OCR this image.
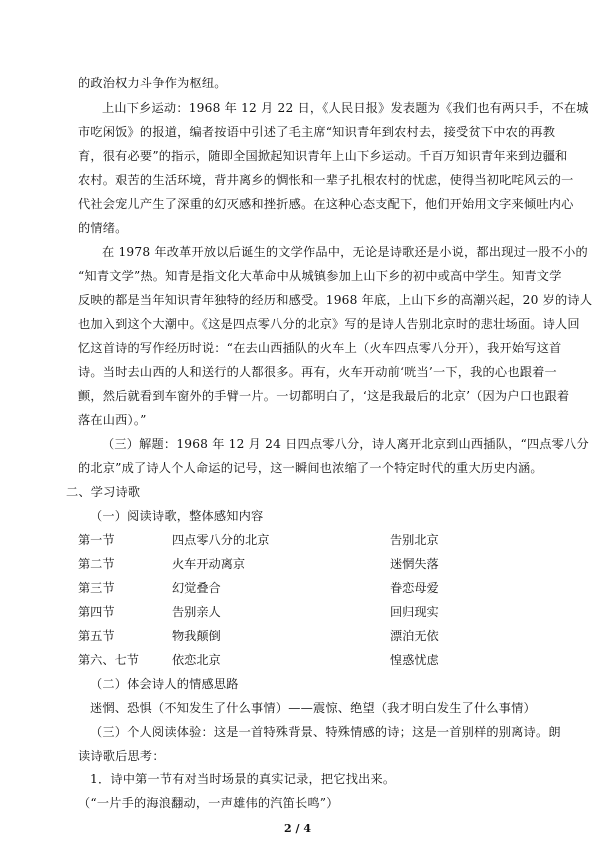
的政治权力斗争作为枢纽。
上山下乡运动：1968 年 12 月 22 日，《人民日报》发表题为《我们也有两只手，不在城
市吃闲饭》的报道，编者按语中引述了毛主席“知识青年到农村去，接受贫下中农的再教
育，很有必要”的指示，随即全国掀起知识青年上山下乡运动。千百万知识青年来到边疆和
农村。艰苦的生活环境，背井离乡的惆怅和一辈子扎根农村的忧虑，使得当初叱咤风云的一
代社会宠儿产生了深重的幻灭感和挫折感。在这种心态支配下，他们开始用文字来倾吐内心
的情绪。
在 1978 年改革开放以后诞生的文学作品中，无论是诗歌还是小说，都出现过一股不小的
“知青文学”热。知青是指文化大革命中从城镇参加上山下乡的初中或高中学生。知青文学
反映的都是当年知识青年独特的经历和感受。1968 年底，上山下乡的高潮兴起，20 岁的诗人
也加入到这个大潮中。《这是四点零八分的北京》写的是诗人告别北京时的悲壮场面。诗人回
忆这首诗的写作经历时说：“在去山西插队的火车上（火车四点零八分开），我开始写这首
诗。当时去山西的人和送行的人都很多。再有，火车开动前‘咣当’一下，我的心也跟着一
颤，然后就看到车窗外的手臂一片。一切都明白了，‘这是我最后的北京’（因为户口也跟着
落在山西）。”
（三）解题：1968 年 12 月 24 日四点零八分，诗人离开北京到山西插队，“四点零八分
的北京”成了诗人个人命运的记号，这一瞬间也浓缩了一个特定时代的重大历史内涵。
二、学习诗歌
（一）阅读诗歌，整体感知内容
第一节	四点零八分的北京	告别北京
第二节	火车开动离京	迷惘失落
第三节	幻觉叠合	眷恋母爱
第四节	告别亲人	回归现实
第五节	物我颠倒	漂泊无依
第六、七节	依恋北京	惶惑忧虑
（二）体会诗人的情感思路
迷惘、恐惧（不知发生了什么事情）——震惊、绝望（我才明白发生了什么事情）
（三）个人阅读体验：这是一首特殊背景、特殊情感的诗；这是一首别样的别离诗。朗
读诗歌后思考：
1．诗中第一节有对当时场景的真实记录，把它找出来。
（“一片手的海浪翻动，一声雄伟的汽笛长鸣”）
2 / 4
